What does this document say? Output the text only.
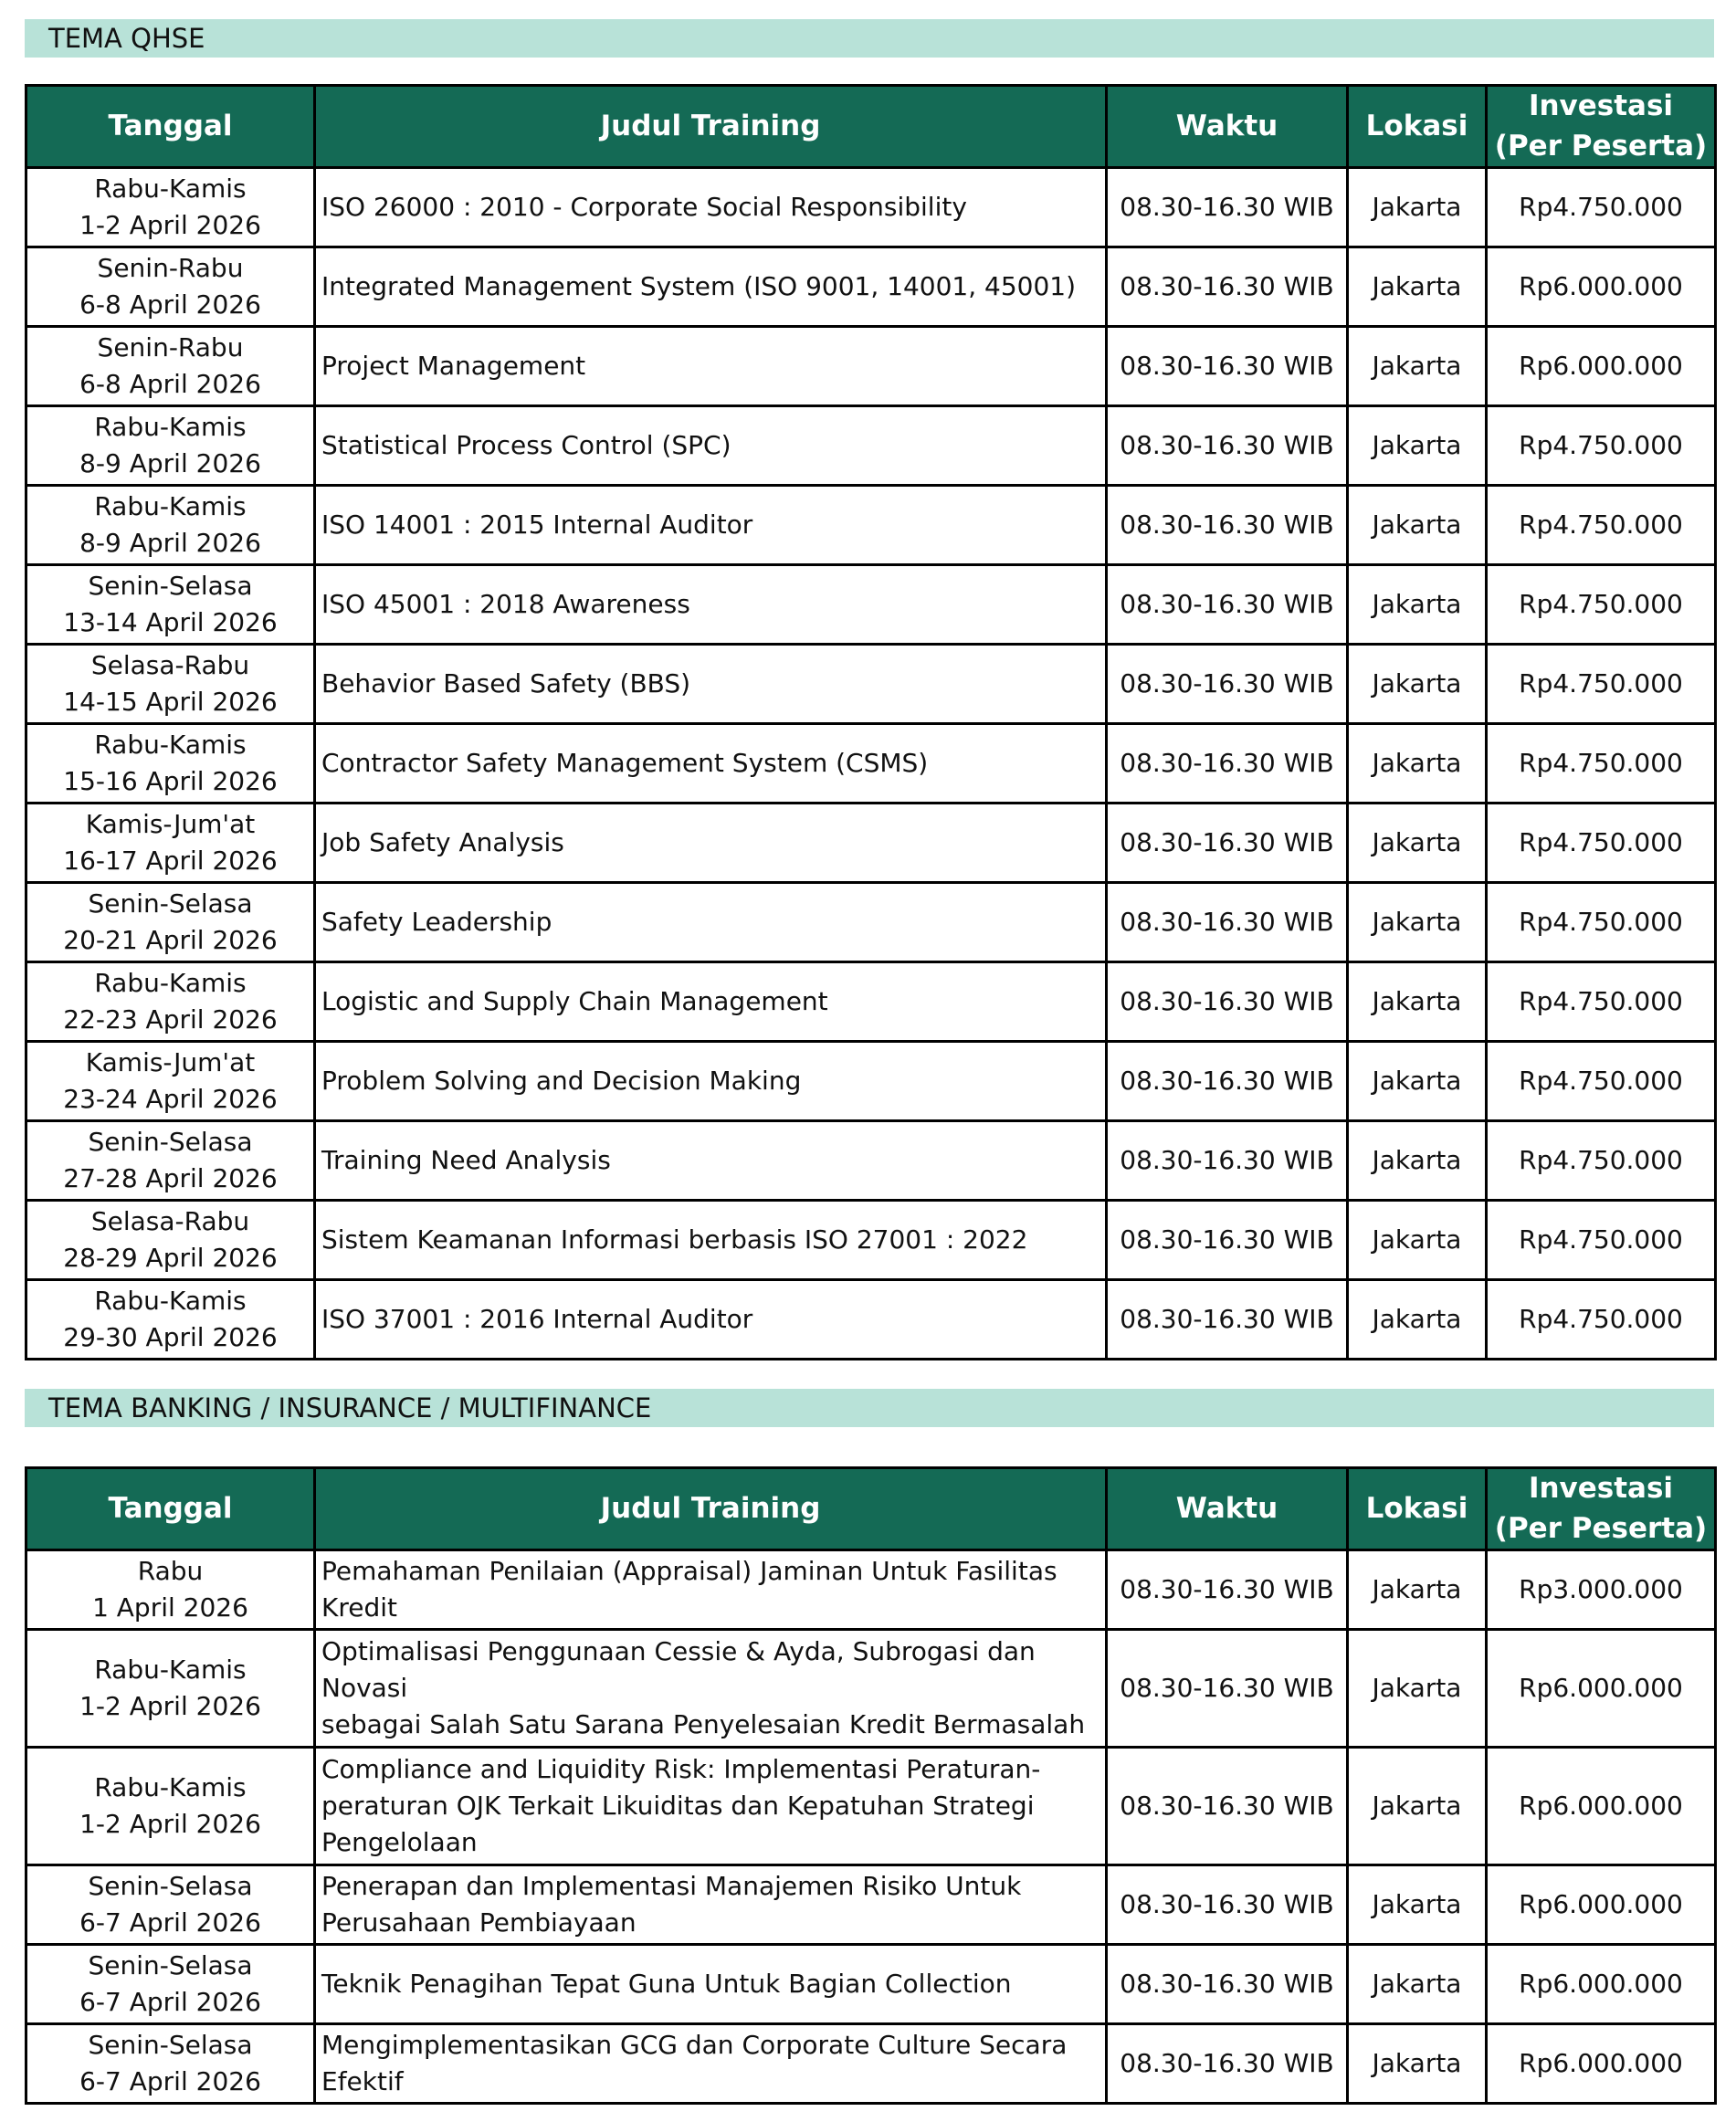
TEMA QHSE
Tanggal	Judul Training	Waktu	Lokasi	Investasi
(Per Peserta)

Rabu-Kamis
1-2 April 2026	ISO 26000 : 2010 - Corporate Social Responsibility	08.30-16.30 WIB	Jakarta	Rp4.750.000

Senin-Rabu
6-8 April 2026	Integrated Management System (ISO 9001, 14001, 45001)	08.30-16.30 WIB	Jakarta	Rp6.000.000

Senin-Rabu
6-8 April 2026	Project Management	08.30-16.30 WIB	Jakarta	Rp6.000.000

Rabu-Kamis
8-9 April 2026	Statistical Process Control (SPC)	08.30-16.30 WIB	Jakarta	Rp4.750.000

Rabu-Kamis
8-9 April 2026	ISO 14001 : 2015 Internal Auditor	08.30-16.30 WIB	Jakarta	Rp4.750.000

Senin-Selasa
13-14 April 2026	ISO 45001 : 2018 Awareness	08.30-16.30 WIB	Jakarta	Rp4.750.000

Selasa-Rabu
14-15 April 2026	Behavior Based Safety (BBS)	08.30-16.30 WIB	Jakarta	Rp4.750.000

Rabu-Kamis
15-16 April 2026	Contractor Safety Management System (CSMS)	08.30-16.30 WIB	Jakarta	Rp4.750.000

Kamis-Jum'at
16-17 April 2026	Job Safety Analysis	08.30-16.30 WIB	Jakarta	Rp4.750.000

Senin-Selasa
20-21 April 2026	Safety Leadership	08.30-16.30 WIB	Jakarta	Rp4.750.000

Rabu-Kamis
22-23 April 2026	Logistic and Supply Chain Management	08.30-16.30 WIB	Jakarta	Rp4.750.000

Kamis-Jum'at
23-24 April 2026	Problem Solving and Decision Making	08.30-16.30 WIB	Jakarta	Rp4.750.000

Senin-Selasa
27-28 April 2026	Training Need Analysis	08.30-16.30 WIB	Jakarta	Rp4.750.000

Selasa-Rabu
28-29 April 2026	Sistem Keamanan Informasi berbasis ISO 27001 : 2022	08.30-16.30 WIB	Jakarta	Rp4.750.000

Rabu-Kamis
29-30 April 2026	ISO 37001 : 2016 Internal Auditor	08.30-16.30 WIB	Jakarta	Rp4.750.000
TEMA BANKING / INSURANCE / MULTIFINANCE
Tanggal	Judul Training	Waktu	Lokasi	Investasi
(Per Peserta)

Rabu
1 April 2026	Pemahaman Penilaian (Appraisal) Jaminan Untuk Fasilitas
Kredit	08.30-16.30 WIB	Jakarta	Rp3.000.000

Rabu-Kamis
1-2 April 2026	Optimalisasi Penggunaan Cessie & Ayda, Subrogasi dan Novasi
sebagai Salah Satu Sarana Penyelesaian Kredit Bermasalah	08.30-16.30 WIB	Jakarta	Rp6.000.000

Rabu-Kamis
1-2 April 2026	Compliance and Liquidity Risk: Implementasi Peraturan-
peraturan OJK Terkait Likuiditas dan Kepatuhan Strategi
Pengelolaan	08.30-16.30 WIB	Jakarta	Rp6.000.000

Senin-Selasa
6-7 April 2026	Penerapan dan Implementasi Manajemen Risiko Untuk
Perusahaan Pembiayaan	08.30-16.30 WIB	Jakarta	Rp6.000.000

Senin-Selasa
6-7 April 2026	Teknik Penagihan Tepat Guna Untuk Bagian Collection	08.30-16.30 WIB	Jakarta	Rp6.000.000

Senin-Selasa
6-7 April 2026	Mengimplementasikan GCG dan Corporate Culture Secara
Efektif	08.30-16.30 WIB	Jakarta	Rp6.000.000
